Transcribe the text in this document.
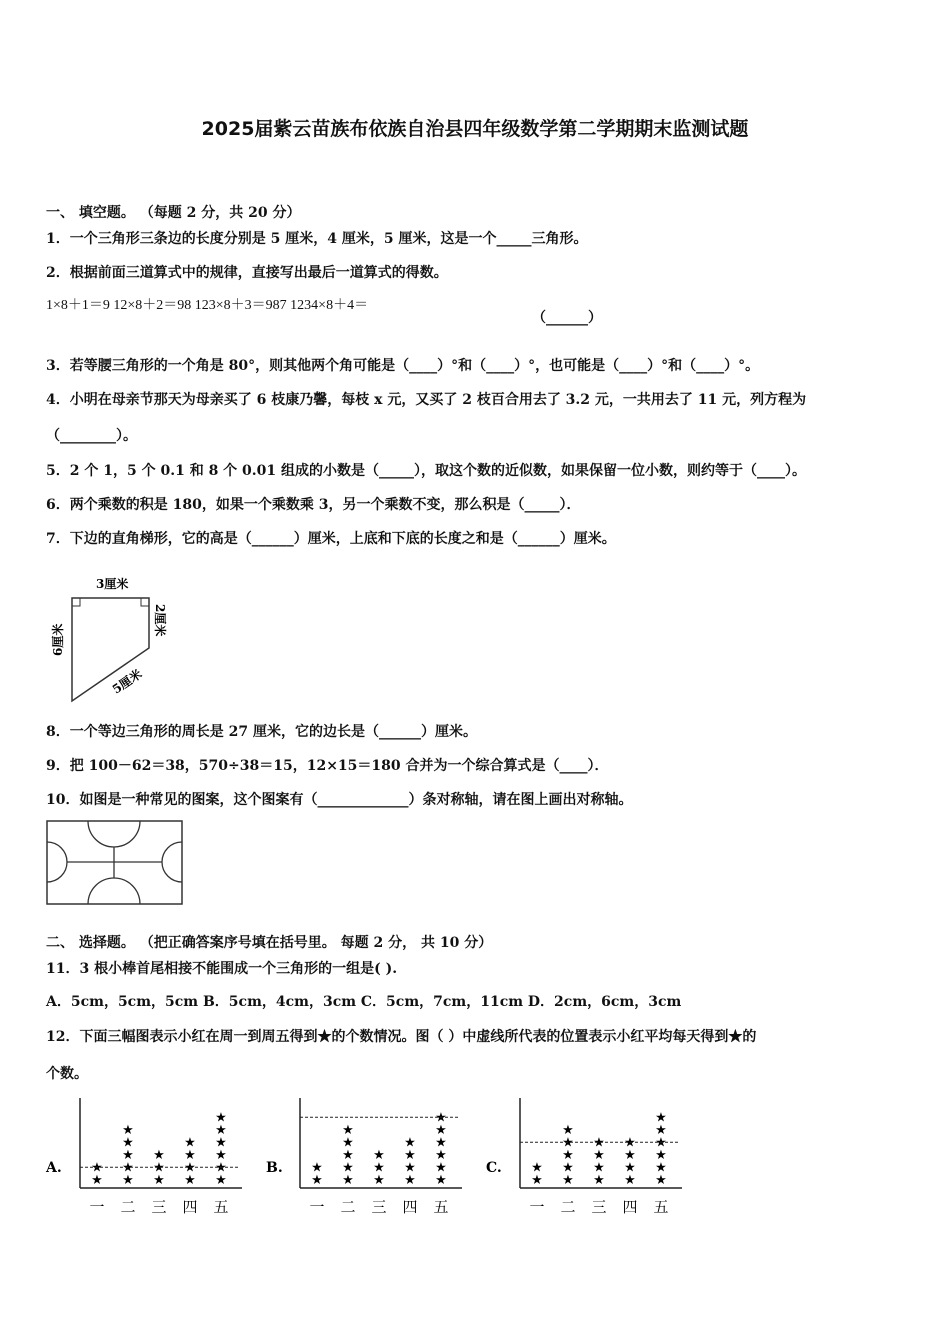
2025届紫云苗族布依族自治县四年级数学第二学期期末监测试题
一、 填空题。 （每题 2 分，共 20 分）
1．一个三角形三条边的长度分别是 5 厘米，4 厘米，5 厘米，这是一个_____三角形。
2．根据前面三道算式中的规律，直接写出最后一道算式的得数。
1×8＋1＝9 12×8＋2＝98 123×8＋3＝987 1234×8＋4＝
（______）
3．若等腰三角形的一个角是 80°，则其他两个角可能是（____）°和（____）°，也可能是（____）°和（____）°。
4．小明在母亲节那天为母亲买了 6 枝康乃馨，每枝 x 元，又买了 2 枝百合用去了 3.2 元，一共用去了 11 元，列方程为
（________）。
5．2 个 1，5 个 0.1 和 8 个 0.01 组成的小数是（_____），取这个数的近似数，如果保留一位小数，则约等于（____）。
6．两个乘数的积是 180，如果一个乘数乘 3，另一个乘数不变，那么积是（_____）．
7．下边的直角梯形，它的高是（______）厘米，上底和下底的长度之和是（______）厘米。
3厘米
6厘米
2厘米
5厘米
8．一个等边三角形的周长是 27 厘米，它的边长是（______）厘米。
9．把 100－62＝38，570÷38＝15，12×15＝180 合并为一个综合算式是（____）．
10．如图是一种常见的图案，这个图案有（_____________）条对称轴，请在图上画出对称轴。
二、 选择题。 （把正确答案序号填在括号里。 每题 2 分， 共 10 分）
11．3 根小棒首尾相接不能围成一个三角形的一组是( ).
A．5cm，5cm，5cm B．5cm，4cm，3cm C．5cm，7cm，11cm D．2cm，6cm，3cm
12．下面三幅图表示小红在周一到周五得到★的个数情况。图（ ）中虚线所代表的位置表示小红平均每天得到★的
个数。
A.
★
★
一
★
★
★
★
★
二
★
★
★
三
★
★
★
★
四
★
★
★
★
★
★
五
B.
★
★
一
★
★
★
★
★
二
★
★
★
三
★
★
★
★
四
★
★
★
★
★
★
五
C.
★
★
一
★
★
★
★
★
二
★
★
★
★
三
★
★
★
★
四
★
★
★
★
★
★
五
